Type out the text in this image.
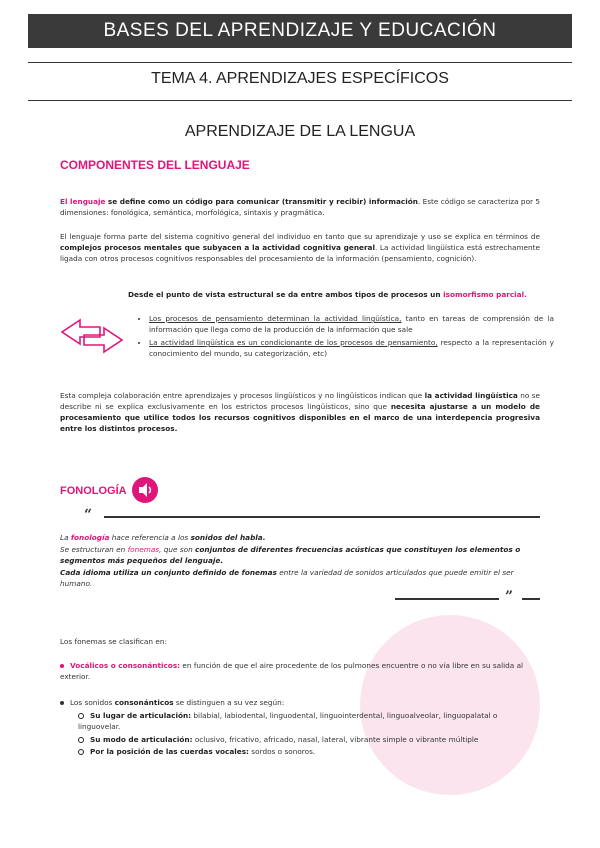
BASES DEL APRENDIZAJE Y EDUCACIÓN
TEMA 4. APRENDIZAJES ESPECÍFICOS
APRENDIZAJE DE LA LENGUA
COMPONENTES DEL LENGUAJE
El lenguaje se define como un código para comunicar (transmitir y recibir) información. Este código se caracteriza por 5 dimensiones: fonológica, semántica, morfológica, sintaxis y pragmática.
El lenguaje forma parte del sistema cognitivo general del individuo en tanto que su aprendizaje y uso se explica en términos de complejos procesos mentales que subyacen a la actividad cognitiva general. La actividad lingüística está estrechamente ligada con otros procesos cognitivos responsables del procesamiento de la información (pensamiento, cognición).
Desde el punto de vista estructural se da entre ambos tipos de procesos un isomorfismo parcial.
• Los procesos de pensamiento determinan la actividad lingüística, tanto en tareas de comprensión de la información que llega como de la producción de la información que sale
• La actividad lingüística es un condicionante de los procesos de pensamiento, respecto a la representación y conocimiento del mundo, su categorización, etc)
Esta compleja colaboración entre aprendizajes y procesos lingüísticos y no lingüísticos indican que la actividad lingüística no se describe ni se explica exclusivamente en los estrictos procesos lingüísticos, sino que necesita ajustarse a un modelo de procesamiento que utilice todos los recursos cognitivos disponibles en el marco de una interdepencia progresiva entre los distintos procesos.
FONOLOGÍA
“
La fonología hace referencia a los sonidos del habla.
Se estructuran en fonemas, que son conjuntos de diferentes frecuencias acústicas que constituyen los elementos o segmentos más pequeños del lenguaje.
Cada idioma utiliza un conjunto definido de fonemas entre la variedad de sonidos articulados que puede emitir el ser humano.
”
Los fonemas se clasifican en:
Vocálicos o consonánticos: en función de que el aire procedente de los pulmones encuentre o no vía libre en su salida al exterior.
Los sonidos consonánticos se distinguen a su vez según:
Su lugar de articulación: bilabial, labiodental, linguodental, linguointerdental, linguoalveolar, linguopalatal o linguovelar.
Su modo de articulación: oclusivo, fricativo, africado, nasal, lateral, vibrante simple o vibrante múltiple
Por la posición de las cuerdas vocales: sordos o sonoros.
